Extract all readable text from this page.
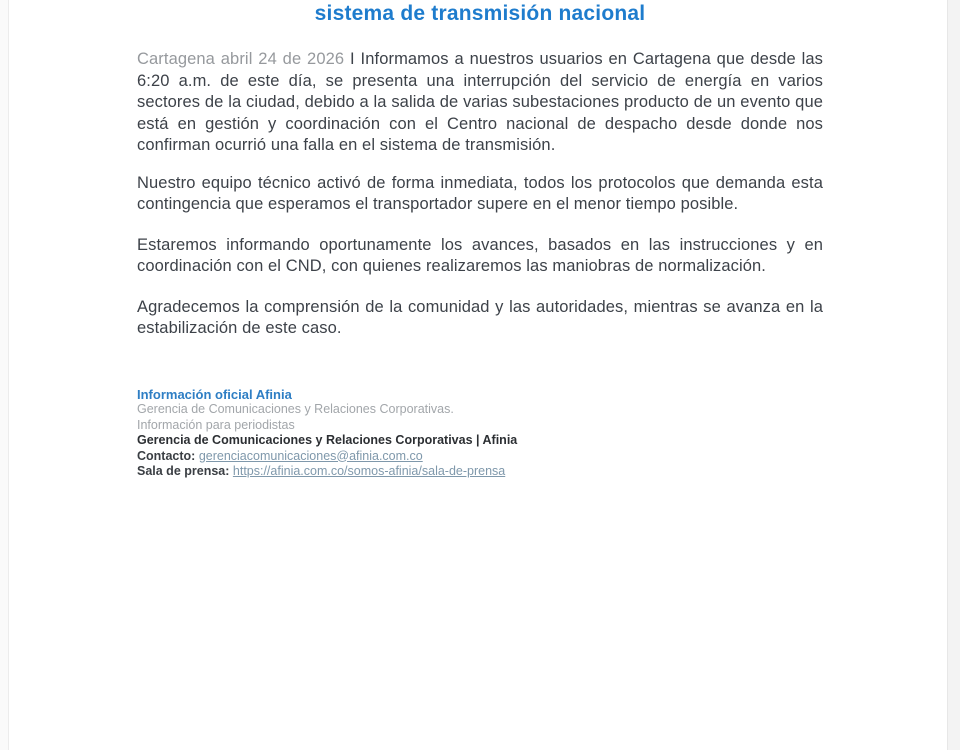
sistema de transmisión nacional

Cartagena abril 24 de 2026 I Informamos a nuestros usuarios en Cartagena que desde las 6:20 a.m. de este día, se presenta una interrupción del servicio de energía en varios sectores de la ciudad, debido a la salida de varias subestaciones producto de un evento que está en gestión y coordinación con el Centro nacional de despacho desde donde nos confirman ocurrió una falla en el sistema de transmisión.

Nuestro equipo técnico activó de forma inmediata, todos los protocolos que demanda esta contingencia que esperamos el transportador supere en el menor tiempo posible.

Estaremos informando oportunamente los avances, basados en las instrucciones y en coordinación con el CND, con quienes realizaremos las maniobras de normalización.

Agradecemos la comprensión de la comunidad y las autoridades, mientras se avanza en la estabilización de este caso.

Información oficial Afinia
Gerencia de Comunicaciones y Relaciones Corporativas.
Información para periodistas
Gerencia de Comunicaciones y Relaciones Corporativas | Afinia
Contacto: gerenciacomunicaciones@afinia.com.co
Sala de prensa: https://afinia.com.co/somos-afinia/sala-de-prensa
